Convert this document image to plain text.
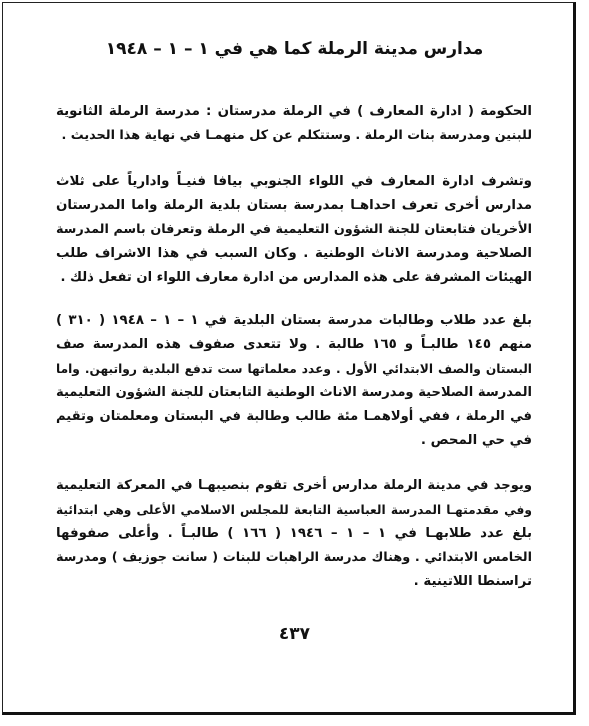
مدارس مدينة الرملة كما هي في ١ – ١ – ١٩٤٨
الحكومة ( ادارة المعارف ) في الرملة مدرستان : مدرسة الرملة الثانوية
للبنين ومدرسة بنات الرملة . وستتكلم عن كل منهمـا في نهاية هذا الحديث .
وتشرف ادارة المعارف في اللواء الجنوبي بيافا فنيـاً وادارياً على ثلاث
مدارس أخرى تعرف احداهـا بمدرسة بستان بلدية الرملة واما المدرستان
الأخريان فتابعتان للجنة الشؤون التعليمية في الرملة وتعرفان باسم المدرسة
الصلاحية ومدرسة الاناث الوطنية . وكان السبب في هذا الاشراف طلب
الهيئات المشرفة على هذه المدارس من ادارة معارف اللواء ان تفعل ذلك .
بلغ عدد طلاب وطالبات مدرسة بستان البلدية في ١ – ١ – ١٩٤٨ ( ٣١٠ )
منهم ١٤٥ طالبـاً و ١٦٥ طالبة . ولا تتعدى صفوف هذه المدرسة صف
البستان والصف الابتدائي الأول . وعدد معلماتها ست تدفع البلدية رواتبهن. واما
المدرسة الصلاحية ومدرسة الاناث الوطنية التابعتان للجنة الشؤون التعليمية
في الرملة ، ففي أولاهمـا مئة طالب وطالبة في البستان ومعلمتان وتقيم
في حي المحص .
ويوجد في مدينة الرملة مدارس أخرى تقوم بنصيبهـا في المعركة التعليمية
وفي مقدمتهـا المدرسة العباسية التابعة للمجلس الاسلامي الأعلى وهي ابتدائية
بلغ عدد طلابهـا في ١ – ١ – ١٩٤٦ ( ١٦٦ ) طالبـاً . وأعلى صفوفها
الخامس الابتدائي . وهناك مدرسة الراهبات للبنات ( سانت جوزيف ) ومدرسة
تراسنطا اللاتينية .
٤٣٧
